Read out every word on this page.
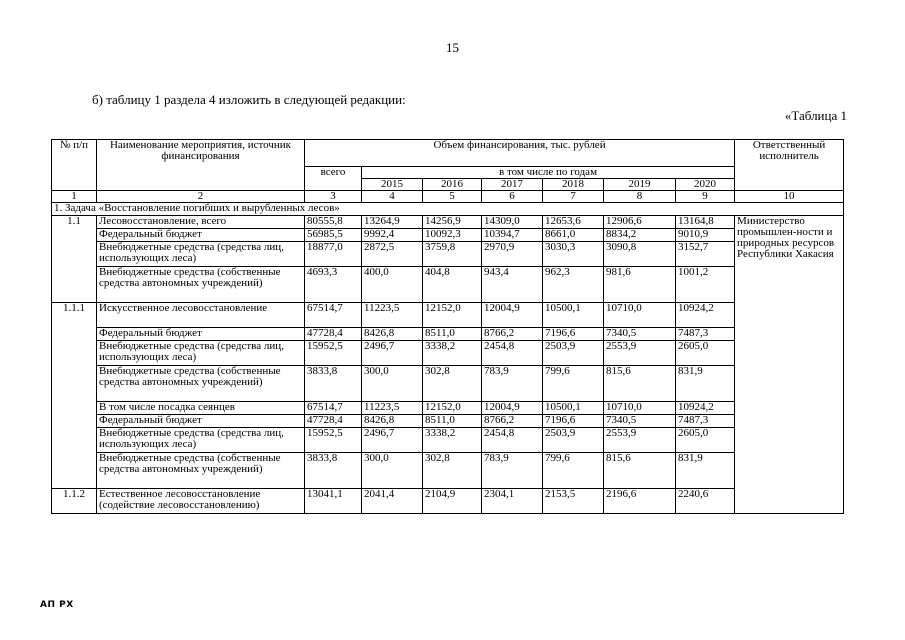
15
б) таблицу 1 раздела 4 изложить в следующей редакции:
«Таблица 1
№ п/п	Наименование мероприятия, источник финансирования	Объем финансирования, тыс. рублей							Ответственный исполнитель
		всего	в том числе по годам						
			2015	2016	2017	2018	2019	2020	
1	2	3	4	5	6	7	8	9	10
1. Задача «Восстановление погибших и вырубленных лесов»									
1.1	Лесовосстановление, всего	80555,8	13264,9	14256,9	14309,0	12653,6	12906,6	13164,8	Министерство промышлен-ности и природных ресурсов Республики Хакасия
	Федеральный бюджет	56985,5	9992,4	10092,3	10394,7	8661,0	8834,2	9010,9	
	Внебюджетные средства (средства лиц, использующих леса)	18877,0	2872,5	3759,8	2970,9	3030,3	3090,8	3152,7	
	Внебюджетные средства (собственные средства автономных учреждений)	4693,3	400,0	404,8	943,4	962,3	981,6	1001,2	
1.1.1	Искусственное лесовосстановление	67514,7	11223,5	12152,0	12004,9	10500,1	10710,0	10924,2	
	Федеральный бюджет	47728,4	8426,8	8511,0	8766,2	7196,6	7340,5	7487,3	
	Внебюджетные средства (средства лиц, использующих леса)	15952,5	2496,7	3338,2	2454,8	2503,9	2553,9	2605,0	
	Внебюджетные средства (собственные средства автономных учреждений)	3833,8	300,0	302,8	783,9	799,6	815,6	831,9	
	В том числе посадка сеянцев	67514,7	11223,5	12152,0	12004,9	10500,1	10710,0	10924,2	
	Федеральный бюджет	47728,4	8426,8	8511,0	8766,2	7196,6	7340,5	7487,3	
	Внебюджетные средства (средства лиц, использующих леса)	15952,5	2496,7	3338,2	2454,8	2503,9	2553,9	2605,0	
	Внебюджетные средства (собственные средства автономных учреждений)	3833,8	300,0	302,8	783,9	799,6	815,6	831,9	
1.1.2	Естественное лесовосстановление (содействие лесовосстановлению)	13041,1	2041,4	2104,9	2304,1	2153,5	2196,6	2240,6	
АП РХ
